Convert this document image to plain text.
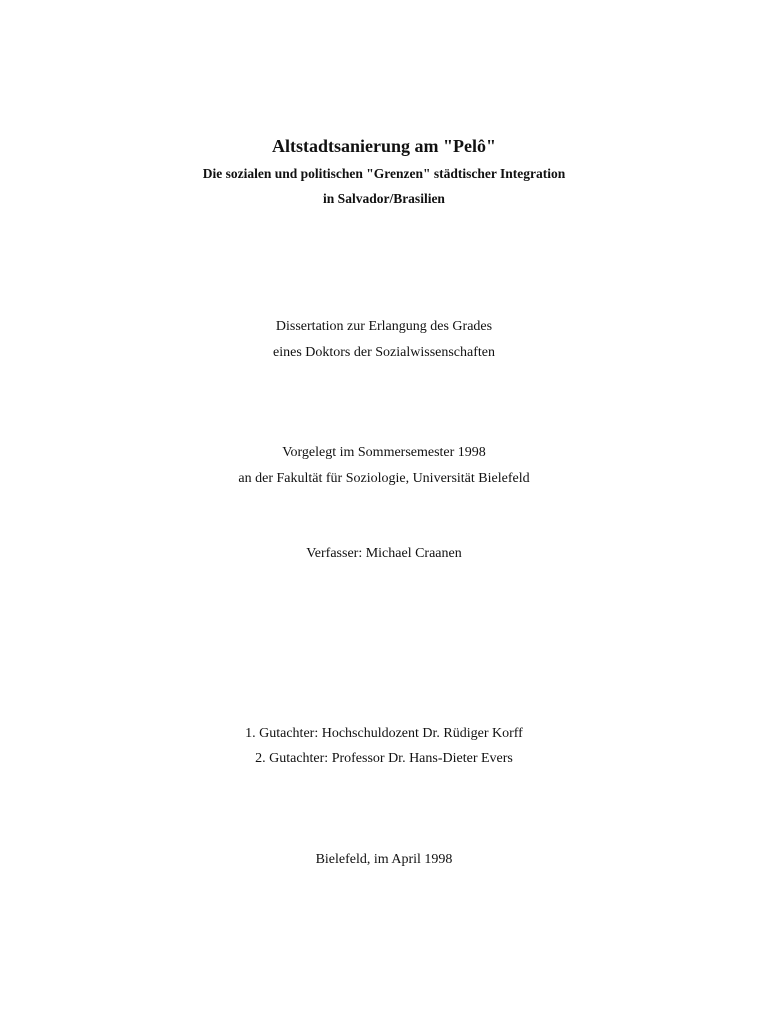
Altstadtsanierung am "Pelô"
Die sozialen und politischen "Grenzen" städtischer Integration
in Salvador/Brasilien
Dissertation zur Erlangung des Grades
eines Doktors der Sozialwissenschaften
Vorgelegt im Sommersemester 1998
an der Fakultät für Soziologie, Universität Bielefeld
Verfasser: Michael Craanen
1. Gutachter: Hochschuldozent Dr. Rüdiger Korff
2. Gutachter: Professor Dr. Hans-Dieter Evers
Bielefeld, im April 1998
